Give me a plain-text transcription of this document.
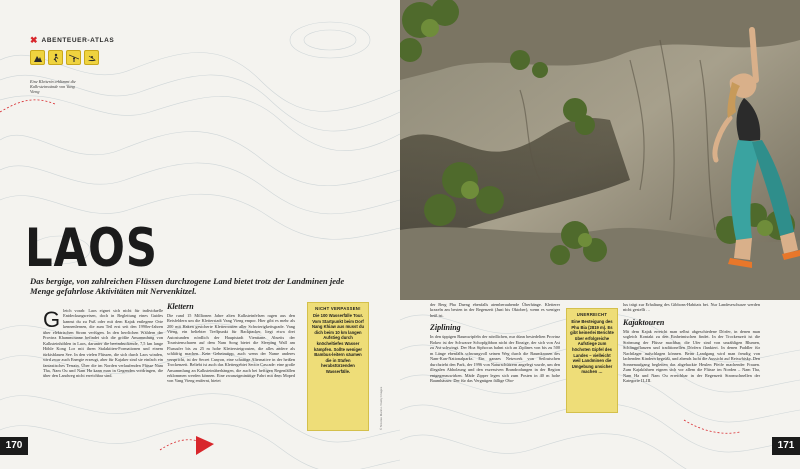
✖ ABENTEUER-ATLAS
Eine Kletterin erklimmt die Kalk-steinwände von Vang Vieng
LAOS
Das bergige, von zahlreichen Flüssen durchzogene Land bietet trotz der Landminen jede Menge gefahrlose Aktivitäten mit Nervenkitzel.
G leich vorab: Laos eignet sich nicht für individuelle Entdeckungsreisen, doch in Begleitung eines Guides kannst du zu Fuß oder mit dem Kajak entlegene Orte kennenlernen, die zum Teil erst seit den 1990er-Jahren über elektrischen Strom verfügen. In den herrlichen Wäldern der Provinz Khammouane befindet sich die größte Ansammlung von Kalksteinhöhlen in Laos, darunter die beeindruckende, 7,5 km lange Höhle Kong Lor mit ihren Stalaktiten-Formationen und einem türkisblauen See. In den vielen Flüssen, die sich durch Laos winden, wird zwar auch Energie erzeugt, aber für Kajaker sind sie einfach ein fantastisches Terrain. Über die im Norden verlaufenden Flüsse Nam Tha, Nam Ou und Nam Ha kann man in Gegenden vordringen, die über den Landweg nicht erreichbar sind.

Klettern

Die rund 15 Millionen Jahre alten Kalksteinfelsen ragen aus den Reisfeldern um die Kletterstadt Vang Vieng empor. Hier gibt es mehr als 200 mit Haken gesicherte Kletterrouten aller Schwierigkeitsgrade. Vang Vieng, ein beliebter Treffpunkt für Backpacker, liegt etwa drei Autostunden nördlich der Hauptstadt Vientiane. Abseits der Touristenscharen auf dem Nam Song bietet die Sleeping Wall am Flussufer bis zu 25 m hohe Klettersteigrouten, die alles andere als schläfrig machen. Kein Geheimtipp, auch wenn der Name anderes verspricht, ist der Secret Canyon, eine schattige Alternative in der heißen Trockenzeit. Beliebt ist auch das Klettergebiet Sector Cascade: eine große Ansammlung an Kalksteinüberhängen, die auch bei heftigen Regenfällen erklommen werden können. Eine zwanzigminütige Fahrt mit dem Moped von Vang Vieng entfernt, bietet

NICHT VERPASSEN!
Die 100 Wasserfälle Tour. Vom Startpunkt beim Dorf Nang Khiaw aus musst du dich beim 10 km langen Aufstieg durch knöcheltiefes Wasser kämpfen. Sollte weniger Bambus-leitern säumen die in Stufen herabstürzenden Wasserfälle.
© Nicolas Marino / Getty Images

der Berg Pha Daeng ebenfalls atemberaubende Überhänge. Kletterer kraxeln am besten in der Regenzeit (Juni bis Oktober), wenn es weniger heiß ist.

Ziplining

In den üppigen Baumwipfeln der nördlichen, nur dünn besiedelten Provinz Bokeo ist der Schwarze Schopfgibbon nicht der Einzige, der sich von Ast zu Ast schwingt. Der Hoa Siphocus bahnt sich an Ziplines von bis zu 500 m Länge ebenfalls schwungvoll seinen Weg durch die Baumkronen des Nam-Kan-Nationalparks. Ein ganzes Netzwerk von Seilrutschen durchzieht den Park, der 1996 von Naturschützern angelegt wurde, um den illegalen Abholzung und den exzessiven Brandrodungen in der Region entgegenzuwirken. Mäde Zipper legen sich zum Posten in 40 m hohe Baumhäuser. Der für das Vergnügen fällige Obo-

UNERREICHT
Eine Besteigung des Phu Bia (2819 m). Es gibt keinerlei Berichte über erfolgreiche Aufstiege zum höchsten Gipfel des Landes – vielleicht weil Landminen die Umgebung unsicher machen …

lus trägt zur Erhaltung des Gibbons-Habitats bei. Nur Landeseschurze werden nicht gestellt …

Kajaktouren

Mit dem Kajak erreicht man selbst abgeschiedene Dörfer, in denen man sogleich Kontakt zu den Einheimischen findet. In der Trockenzeit ist die Strömung der Flüsse machbar, die Ufer sind von unzähligen Blumen, Schlingpflanzen und traditionellen Dörfern flankiert. In denen Paddler für Nachtlager aufschlagen können. Beim Landgang wird man freudig von lachenden Kindern begrüßt, und abends lacht die Aussicht auf Reiswhisky. Den Sonnenaufgang begleiten das abgehackte Heulen Pfeife machender Frauen. Zum Kajakfahren eignen sich vor allem die Flüsse im Norden – Nam Tha, Nam Ha und Nam Ou erreichbar in der Regenzeit Stromschnellen der Kategorie II–III.

170	171
